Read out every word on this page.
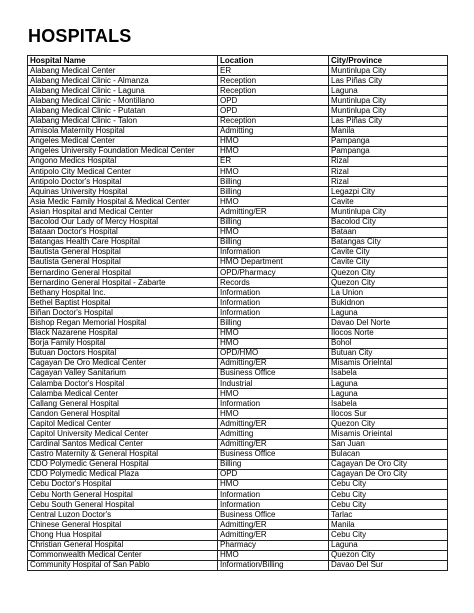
HOSPITALS
Hospital Name	Location	City/Province
Alabang Medical Center	ER	Muntinlupa City
Alabang Medical Clinic - Almanza	Reception	Las Piñas City
Alabang Medical Clinic - Laguna	Reception	Laguna
Alabang Medical Clinic - Montillano	OPD	Muntinlupa City
Alabang Medical Clinic - Putatan	OPD	Muntinlupa City
Alabang Medical Clinic - Talon	Reception	Las Piñas City
Amisola Maternity Hospital	Admitting	Manila
Angeles Medical Center	HMO	Pampanga
Angeles University Foundation Medical Center	HMO	Pampanga
Angono Medics Hospital	ER	Rizal
Antipolo City Medical Center	HMO	Rizal
Antipolo Doctor's Hospital	Billing	Rizal
Aquinas University Hospital	Billing	Legazpi City
Asia Medic Family Hospital & Medical Center	HMO	Cavite
Asian Hospital and Medical Center	Admitting/ER	Muntinlupa City
Bacolod Our Lady of Mercy Hospital	Billing	Bacolod City
Bataan Doctor's Hospital	HMO	Bataan
Batangas Health Care Hospital	Billing	Batangas City
Bautista General Hospital	Information	Cavite City
Bautista General Hospital	HMO Department	Cavite City
Bernardino General Hospital	OPD/Pharmacy	Quezon City
Bernardino General Hospital - Zabarte	Records	Quezon City
Bethany Hospital Inc.	Information	La Union
Bethel Baptist Hospital	Information	Bukidnon
Biñan Doctor's Hospital	Information	Laguna
Bishop Regan Memorial Hospital	Billing	Davao Del Norte
Black Nazarene Hospital	HMO	Ilocos Norte
Borja Family Hospital	HMO	Bohol
Butuan Doctors Hospital	OPD/HMO	Butuan City
Cagayan De Oro Medical Center	Admitting/ER	Misamis Orielntal
Cagayan Valley Sanitarium	Business Office	Isabela
Calamba Doctor's Hospital	Industrial	Laguna
Calamba Medical Center	HMO	Laguna
Callang General Hospital	Information	Isabela
Candon General Hospital	HMO	Ilocos Sur
Capitol Medical Center	Admitting/ER	Quezon City
Capitol University Medical Center	Admitting	Misamis Orieintal
Cardinal Santos Medical Center	Admitting/ER	San Juan
Castro Maternity & General Hospital	Business Office	Bulacan
CDO Polymedic General Hospital	Billing	Cagayan De Oro City
CDO Polymedic Medical Plaza	OPD	Cagayan De Oro City
Cebu Doctor's Hospital	HMO	Cebu City
Cebu North General Hospital	Information	Cebu City
Cebu South General Hospital	Information	Cebu City
Central Luzon Doctor's	Business Office	Tarlac
Chinese General Hospital	Admitting/ER	Manila
Chong Hua Hospital	Admitting/ER	Cebu City
Christian General Hospital	Pharmacy	Laguna
Commonwealth Medical Center	HMO	Quezon City
Community Hospital of San Pablo	Information/Billing	Davao Del Sur
